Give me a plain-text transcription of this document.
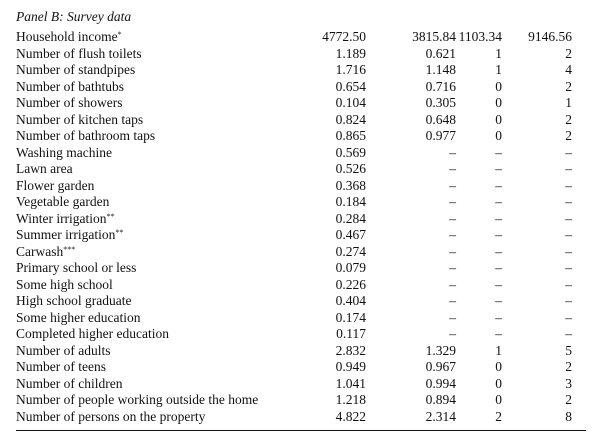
Panel B: Survey data
Household income*	4772.50	3815.84	1103.34	9146.56
Number of flush toilets	1.189	0.621	1	2
Number of standpipes	1.716	1.148	1	4
Number of bathtubs	0.654	0.716	0	2
Number of showers	0.104	0.305	0	1
Number of kitchen taps	0.824	0.648	0	2
Number of bathroom taps	0.865	0.977	0	2
Washing machine	0.569	–	–	–
Lawn area	0.526	–	–	–
Flower garden	0.368	–	–	–
Vegetable garden	0.184	–	–	–
Winter irrigation**	0.284	–	–	–
Summer irrigation**	0.467	–	–	–
Carwash***	0.274	–	–	–
Primary school or less	0.079	–	–	–
Some high school	0.226	–	–	–
High school graduate	0.404	–	–	–
Some higher education	0.174	–	–	–
Completed higher education	0.117	–	–	–
Number of adults	2.832	1.329	1	5
Number of teens	0.949	0.967	0	2
Number of children	1.041	0.994	0	3
Number of people working outside the home	1.218	0.894	0	2
Number of persons on the property	4.822	2.314	2	8
